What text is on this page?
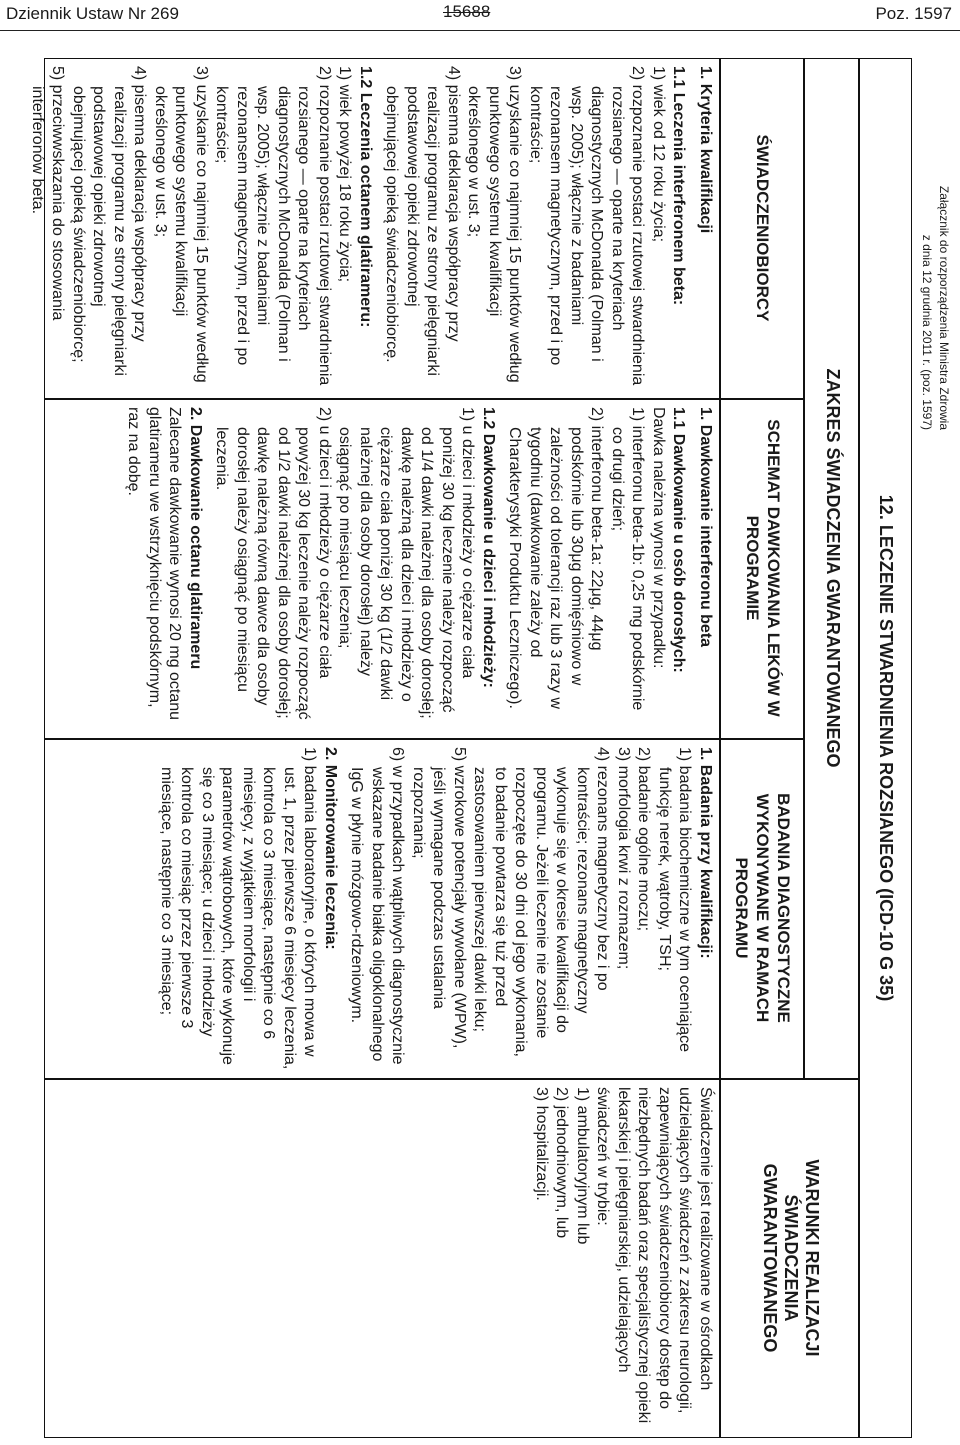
Dziennik Ustaw Nr 269	15688	Poz. 1597
Załącznik do rozporządzenia Ministra Zdrowia
z dnia 12 grudnia 2011 r. (poz. 1597)
12. LECZENIE STWARDNIENIA ROZSIANEGO (ICD-10 G 35)
ZAKRES ŚWIADCZENIA GWARANTOWANEGO
WARUNKI REALIZACJI ŚWIADCZENIA GWARANTOWANEGO
ŚWIADCZENIOBIORCY
SCHEMAT DAWKOWANIA LEKÓW W PROGRAMIE
BADANIA DIAGNOSTYCZNE WYKONYWANE W RAMACH PROGRAMU

1. Kryteria kwalifikacji

1.1 Leczenia interferonem beta:

1) wiek od 12 roku życia;

2) rozpoznanie postaci rzutowej stwardnienia rozsianego — oparte na kryteriach diagnostycznych McDonalda (Polman i wsp. 2005); włącznie z badaniami rezonansem magnetycznym, przed i po kontraście;

3) uzyskanie co najmniej 15 punktów według punktowego systemu kwalifikacji określonego w ust. 3;

4) pisemna deklaracja współpracy przy realizacji programu ze strony pielęgniarki podstawowej opieki zdrowotnej obejmującej opieką świadczeniobiorcę.

1.2 Leczenia octanem glatirameru:

1) wiek powyżej 18 roku życia;

2) rozpoznanie postaci rzutowej stwardnienia rozsianego — oparte na kryteriach diagnostycznych McDonalda (Polman i wsp. 2005); włącznie z badaniami rezonansem magnetycznym, przed i po kontraście;

3) uzyskanie co najmniej 15 punktów według punktowego systemu kwalifikacji określonego w ust. 3;

4) pisemna deklaracja współpracy przy realizacji programu ze strony pielęgniarki podstawowej opieki zdrowotnej obejmującej opieką świadczeniobiorcę;

5) przeciwwskazania do stosowania interferonów beta.

1. Dawkowanie interferonu beta

1.1 Dawkowanie u osób dorosłych:

Dawka należna wynosi w przypadku:

1) interferonu beta-1b: 0,25 mg podskórnie co drugi dzień;

2) interferonu beta-1a: 22μg, 44μg podskórnie lub 30μg domięśniowo w zależności od tolerancji raz lub 3 razy w tygodniu (dawkowanie zależy od Charakterystyki Produktu Leczniczego).

1.2 Dawkowanie u dzieci i młodzieży:

1) u dzieci i młodzieży o ciężarze ciała poniżej 30 kg leczenie należy rozpocząć od 1/4 dawki należnej dla osoby dorosłej; dawkę należną dla dzieci i młodzieży o ciężarze ciała poniżej 30 kg (1/2 dawki należnej dla osoby dorosłej) należy osiągnąć po miesiącu leczenia;

2) u dzieci i młodzieży o ciężarze ciała powyżej 30 kg leczenie należy rozpocząć od 1/2 dawki należnej dla osoby dorosłej; dawkę należną równą dawce dla osoby dorosłej należy osiągnąć po miesiącu leczenia.

2. Dawkowanie octanu glatirameru

Zalecane dawkowanie wynosi 20 mg octanu glatirameru we wstrzyknięciu podskórnym, raz na dobę.

1. Badania przy kwalifikacji:

1) badania biochemiczne w tym oceniające funkcję nerek, wątroby, TSH;

2) badanie ogólne moczu;

3) morfologia krwi z rozmazem;

4) rezonans magnetyczny bez i po kontraście; rezonans magnetyczny wykonuje się w okresie kwalifikacji do programu. Jeżeli leczenie nie zostanie rozpoczęte do 30 dni od jego wykonania, to badanie powtarza się tuż przed zastosowaniem pierwszej dawki leku;

5) wzrokowe potencjały wywołane (WPW), jeśli wymagane podczas ustalania rozpoznania;

6) w przypadkach wątpliwych diagnostycznie wskazane badanie białka oligoklonalnego IgG w płynie mózgowo-rdzeniowym.

2. Monitorowanie leczenia:

1) badania laboratoryjne, o których mowa w ust. 1, przez pierwsze 6 miesięcy leczenia, kontrola co 3 miesiące, następnie co 6 miesięcy, z wyjątkiem morfologii i parametrów wątrobowych, które wykonuje się co 3 miesiące; u dzieci i młodzieży kontrola co miesiąc przez pierwsze 3 miesiące, następnie co 3 miesiące;

Świadczenie jest realizowane w ośrodkach udzielających świadczeń z zakresu neurologii, zapewniających świadczeniobiorcy dostęp do niezbędnych badań oraz specjalistycznej opieki lekarskiej i pielęgniarskiej, udzielających świadczeń w trybie:

1) ambulatoryjnym lub

2) jednodniowym, lub

3) hospitalizacji.
